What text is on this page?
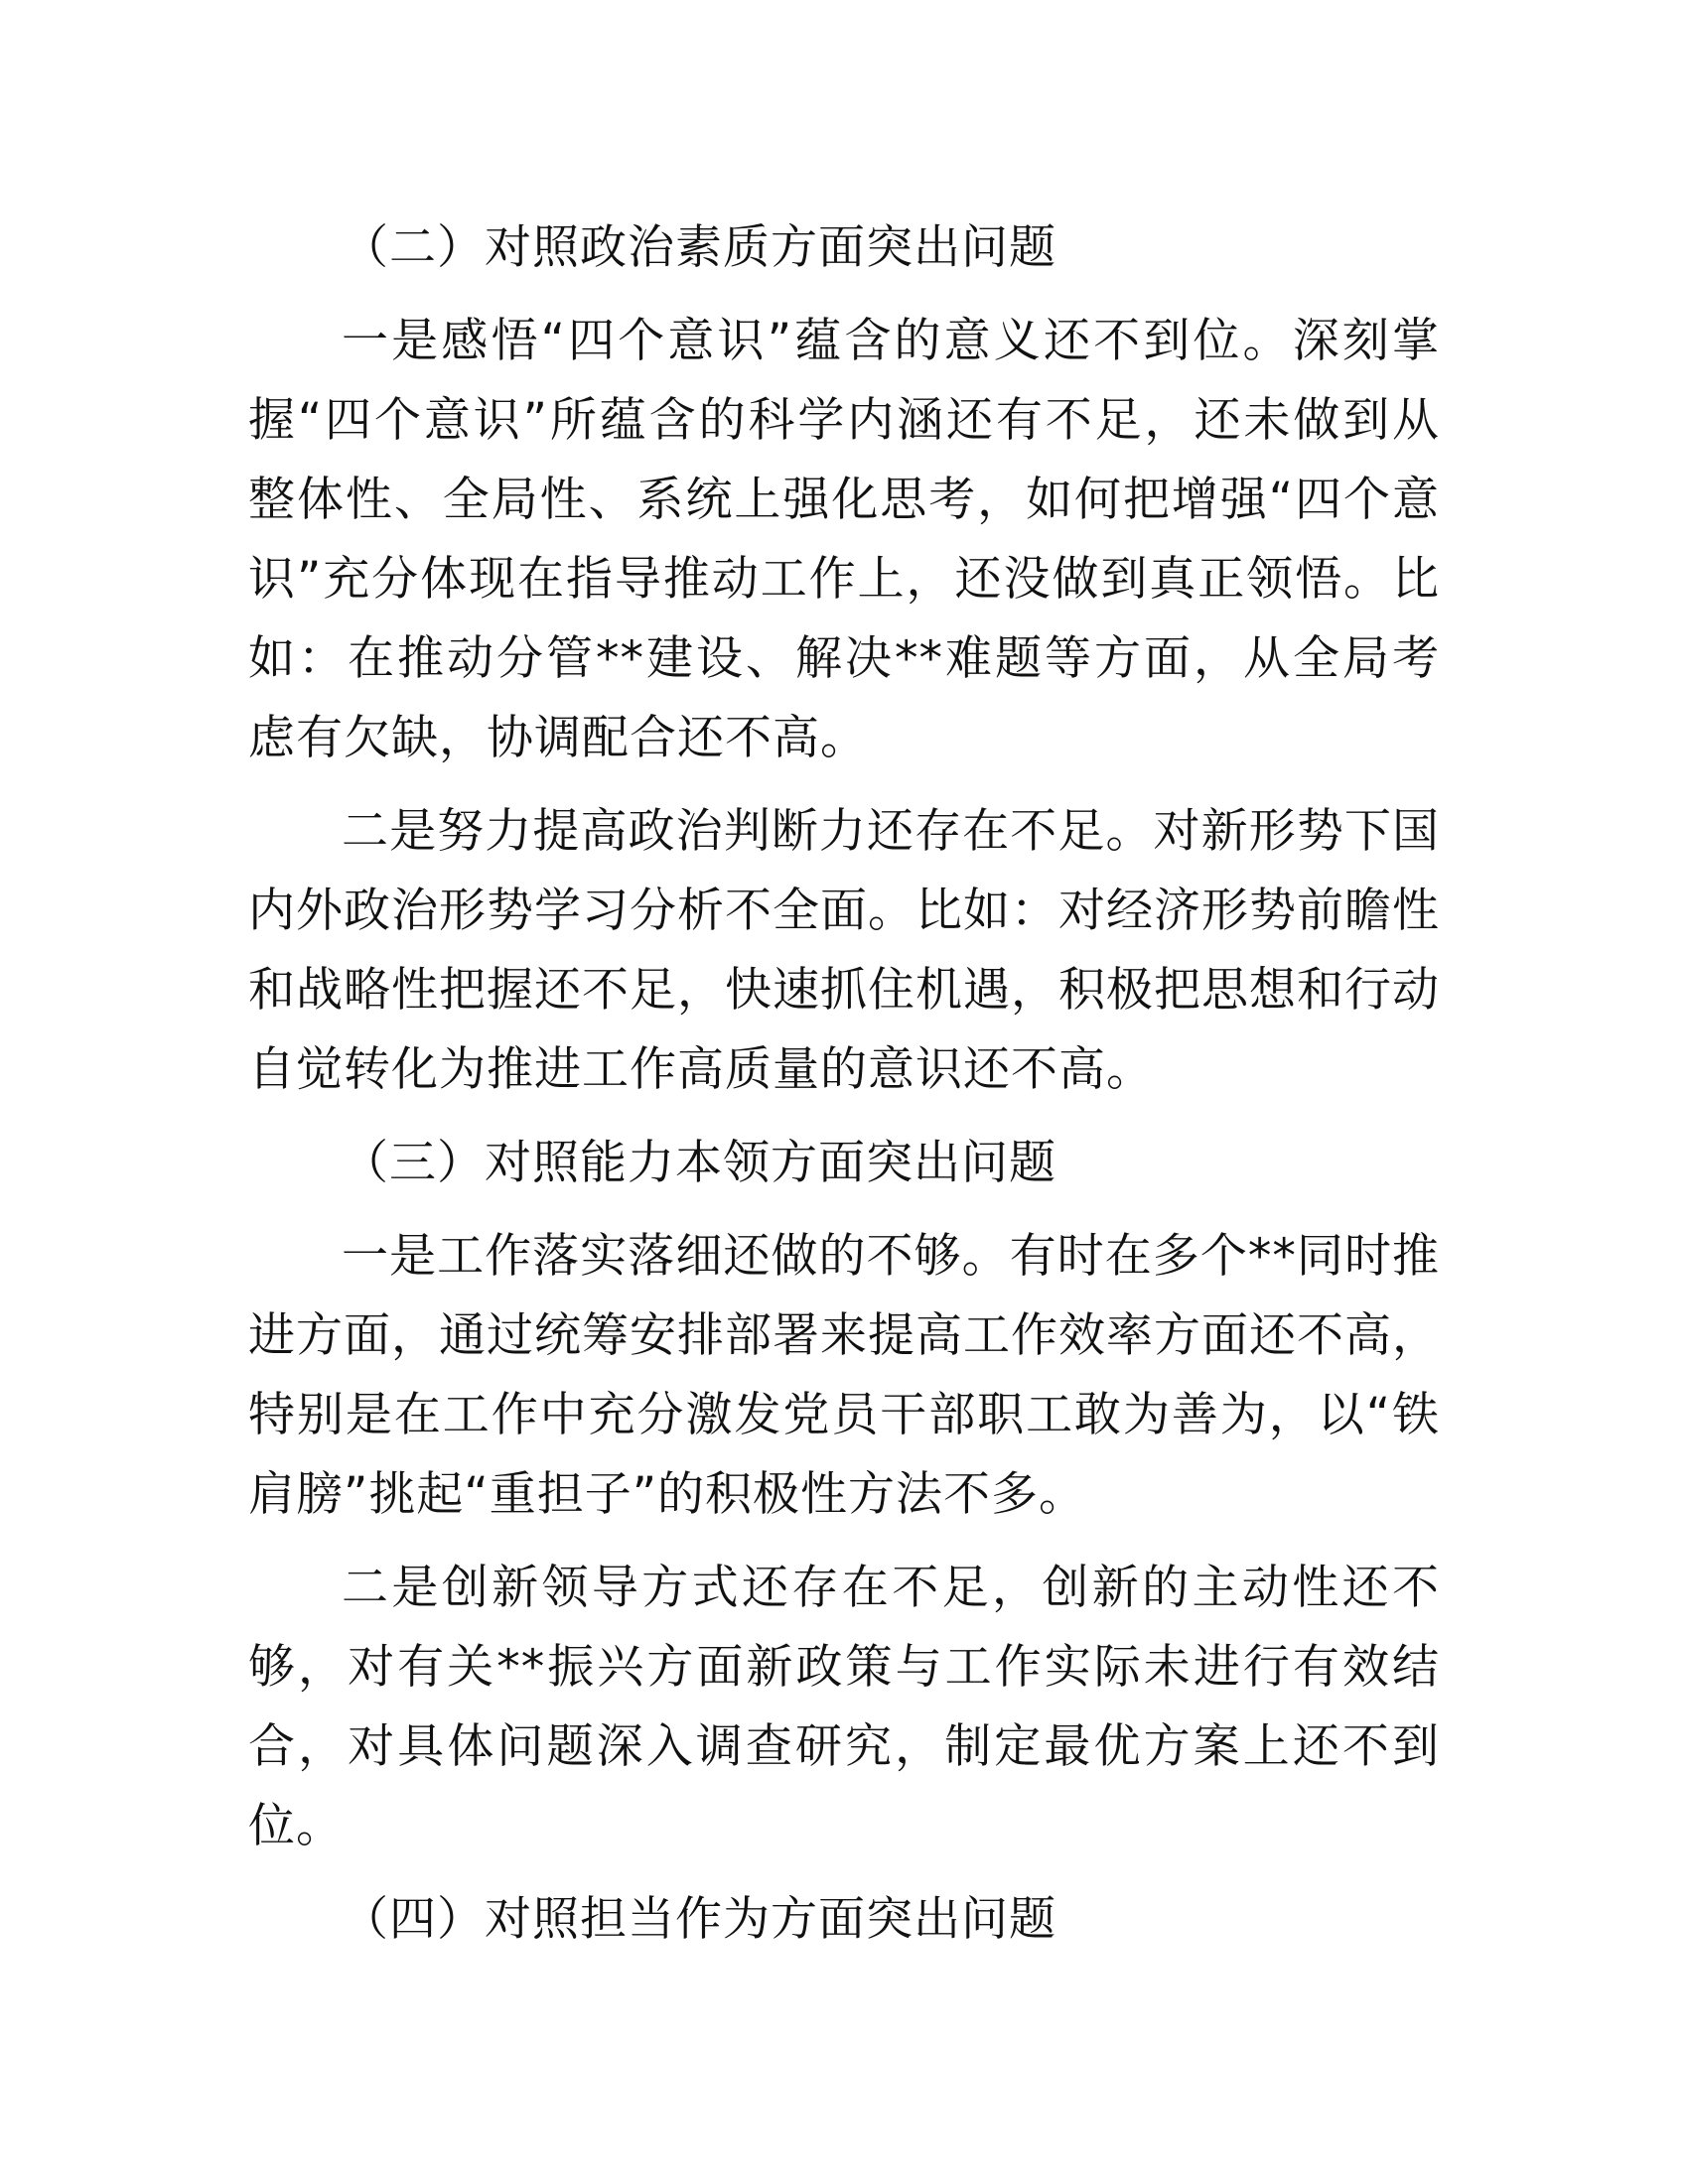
（二）对照政治素质方面突出问题

一是感悟“四个意识”蕴含的意义还不到位。深刻掌握“四个意识”所蕴含的科学内涵还有不足，还未做到从整体性、全局性、系统上强化思考，如何把增强“四个意识”充分体现在指导推动工作上，还没做到真正领悟。比如：在推动分管**建设、解决**难题等方面，从全局考虑有欠缺，协调配合还不高。

二是努力提高政治判断力还存在不足。对新形势下国内外政治形势学习分析不全面。比如：对经济形势前瞻性和战略性把握还不足，快速抓住机遇，积极把思想和行动自觉转化为推进工作高质量的意识还不高。

（三）对照能力本领方面突出问题

一是工作落实落细还做的不够。有时在多个**同时推进方面，通过统筹安排部署来提高工作效率方面还不高，特别是在工作中充分激发党员干部职工敢为善为，以“铁肩膀”挑起“重担子”的积极性方法不多。

二是创新领导方式还存在不足，创新的主动性还不够，对有关**振兴方面新政策与工作实际未进行有效结合，对具体问题深入调查研究，制定最优方案上还不到位。

（四）对照担当作为方面突出问题
